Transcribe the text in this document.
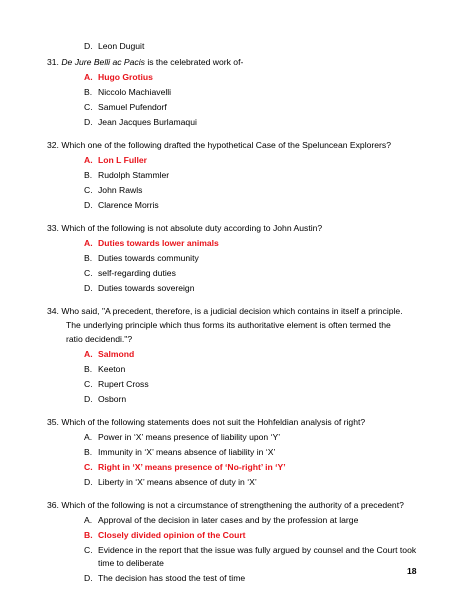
D. Leon Duguit
31. De Jure Belli ac Pacis is the celebrated work of-
A. Hugo Grotius
B. Niccolo Machiavelli
C. Samuel Pufendorf
D. Jean Jacques Burlamaqui
32. Which one of the following drafted the hypothetical Case of the Speluncean Explorers?
A. Lon L Fuller
B. Rudolph Stammler
C. John Rawls
D. Clarence Morris
33. Which of the following is not absolute duty according to John Austin?
A. Duties towards lower animals
B. Duties towards community
C. self-regarding duties
D. Duties towards sovereign
34. Who said, "A precedent, therefore, is a judicial decision which contains in itself a principle.
The underlying principle which thus forms its authoritative element is often termed the
ratio decidendi."?
A. Salmond
B. Keeton
C. Rupert Cross
D. Osborn
35. Which of the following statements does not suit the Hohfeldian analysis of right?
A. Power in ‘X’ means presence of liability upon ‘Y’
B. Immunity in ‘X’ means absence of liability in ‘X’
C. Right in ‘X’ means presence of ‘No-right’ in ‘Y’
D. Liberty in ‘X’ means absence of duty in ‘X’
36. Which of the following is not a circumstance of strengthening the authority of a precedent?
A. Approval of the decision in later cases and by the profession at large
B. Closely divided opinion of the Court
C. Evidence in the report that the issue was fully argued by counsel and the Court took
time to deliberate
D. The decision has stood the test of time
18
